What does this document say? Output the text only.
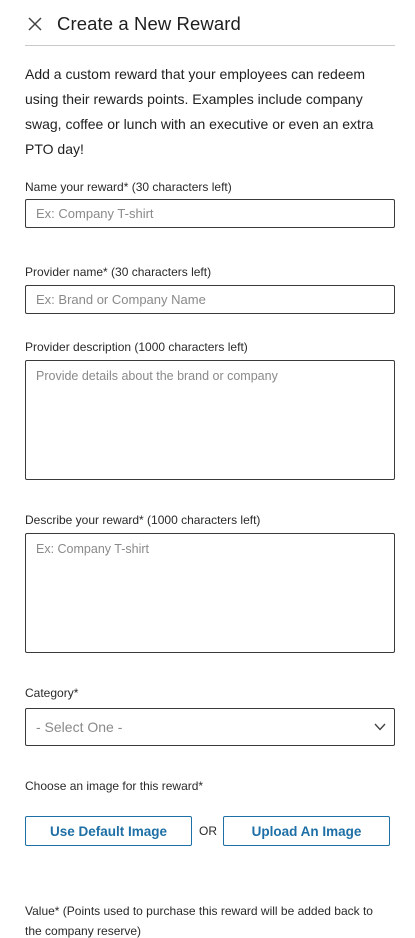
Create a New Reward

Add a custom reward that your employees can redeem using their rewards points. Examples include company swag, coffee or lunch with an executive or even an extra PTO day!

Name your reward* (30 characters left)
Ex: Company T-shirt
Provider name* (30 characters left)
Ex: Brand or Company Name
Provider description (1000 characters left)
Provide details about the brand or company
Describe your reward* (1000 characters left)
Ex: Company T-shirt
Category*
- Select One -
Choose an image for this reward*
Use Default Image	OR	Upload An Image
Value* (Points used to purchase this reward will be added back to the company reserve)
